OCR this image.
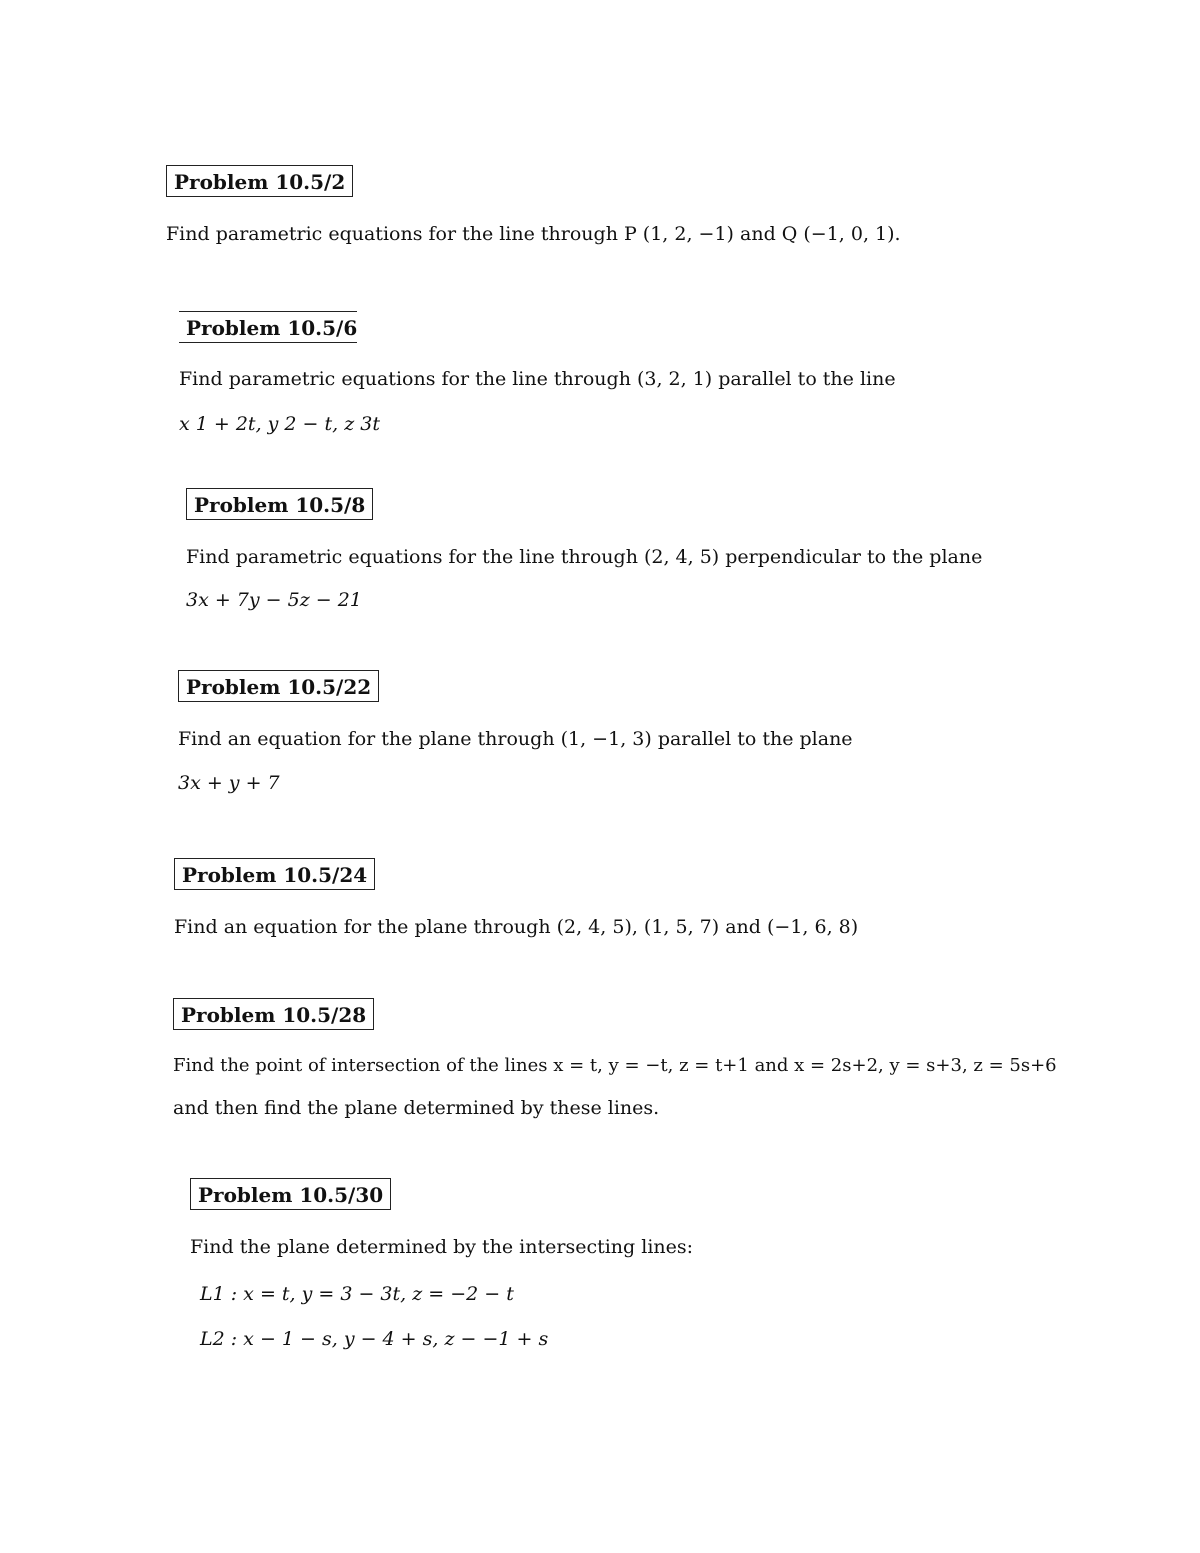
Problem 10.5/2
Find parametric equations for the line through P (1, 2, −1) and Q (−1, 0, 1).
Problem 10.5/6
Find parametric equations for the line through (3, 2, 1) parallel to the line
x 1 + 2t, y 2 − t, z 3t
Problem 10.5/8
Find parametric equations for the line through (2, 4, 5) perpendicular to the plane
3x + 7y − 5z − 21
Problem 10.5/22
Find an equation for the plane through (1, −1, 3) parallel to the plane
3x + y + 7
Problem 10.5/24
Find an equation for the plane through (2, 4, 5), (1, 5, 7) and (−1, 6, 8)
Problem 10.5/28
Find the point of intersection of the lines x = t, y = −t, z = t+1 and x = 2s+2, y = s+3, z = 5s+6
and then find the plane determined by these lines.
Problem 10.5/30
Find the plane determined by the intersecting lines:
L1 : x = t, y = 3 − 3t, z = −2 − t
L2 : x − 1 − s, y − 4 + s, z − −1 + s
